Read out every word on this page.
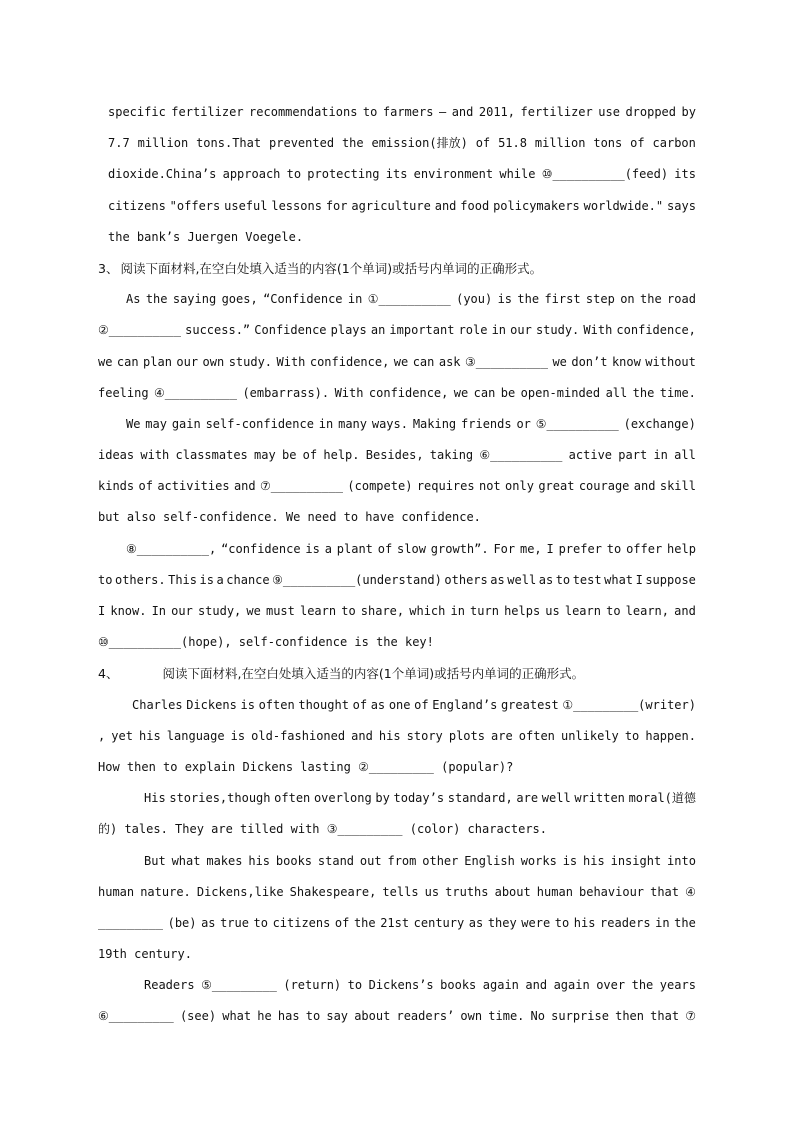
specific fertilizer recommendations to farmers — and 2011, fertilizer use dropped by
7.7 million tons.That prevented the emission(排放) of 51.8 million tons of carbon
dioxide.China’s approach to protecting its environment while ⑩__________(feed) its
citizens "offers useful lessons for agriculture and food policymakers worldwide." says
the bank’s Juergen Voegele.
3、 阅读下面材料,在空白处填入适当的内容(1个单词)或括号内单词的正确形式。
As the saying goes, “Confidence in ①__________ (you) is the first step on the road
②__________ success.” Confidence plays an important role in our study. With confidence,
we can plan our own study. With confidence, we can ask ③__________ we don’t know without
feeling ④__________ (embarrass). With confidence, we can be open-minded all the time.
We may gain self-confidence in many ways. Making friends or ⑤__________ (exchange)
ideas with classmates may be of help. Besides, taking ⑥__________ active part in all
kinds of activities and ⑦__________ (compete) requires not only great courage and skill
but also self-confidence. We need to have confidence.
⑧__________, “confidence is a plant of slow growth”. For me, I prefer to offer help
to others. This is a chance ⑨__________(understand) others as well as to test what I suppose
I know. In our study, we must learn to share, which in turn helps us learn to learn, and
⑩__________(hope), self-confidence is the key!
4、	阅读下面材料,在空白处填入适当的内容(1个单词)或括号内单词的正确形式。
Charles Dickens is often thought of as one of England’s greatest ①_________(writer)
, yet his language is old-fashioned and his story plots are often unlikely to happen.
How then to explain Dickens lasting ②_________ (popular)?
His stories,though often overlong by today’s standard, are well written moral(道德
的) tales. They are tilled with ③_________ (color) characters.
But what makes his books stand out from other English works is his insight into
human nature. Dickens,like Shakespeare, tells us truths about human behaviour that ④
_________ (be) as true to citizens of the 21st century as they were to his readers in the
19th century.
Readers ⑤_________ (return) to Dickens’s books again and again over the years
⑥_________ (see) what he has to say about readers’ own time. No surprise then that ⑦
